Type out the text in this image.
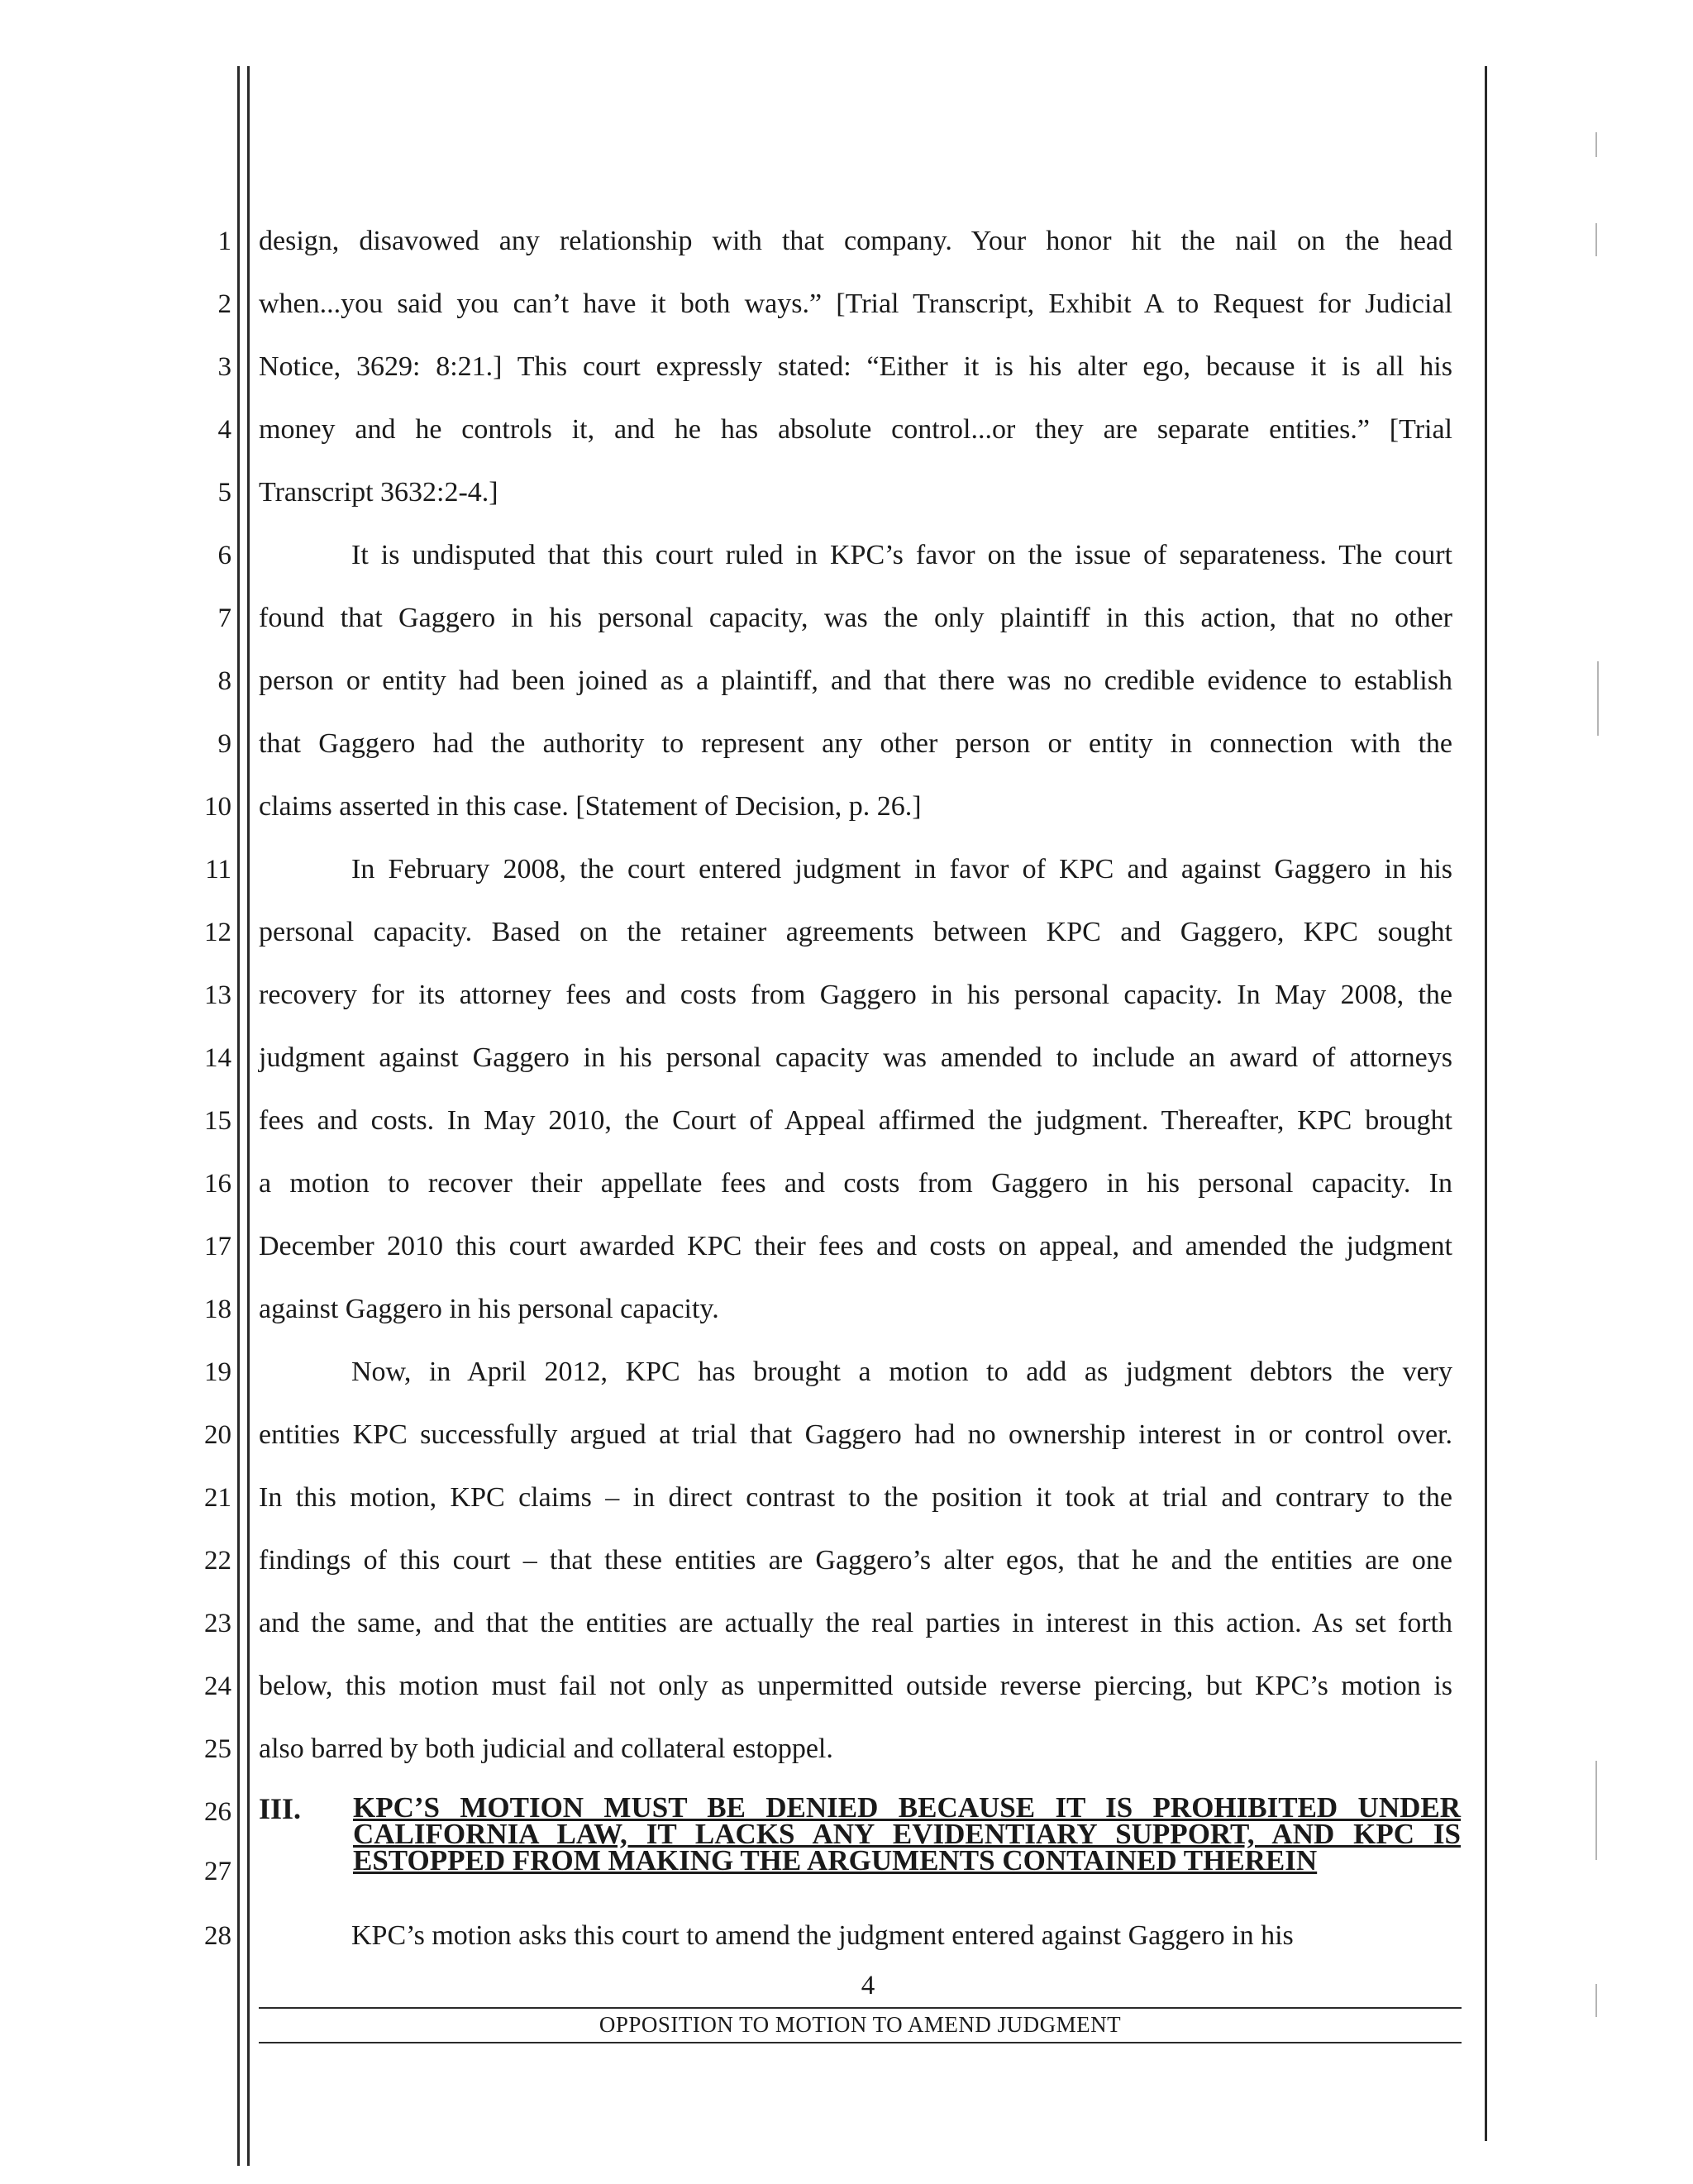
1
2
3
4
5
6
7
8
9
10
11
12
13
14
15
16
17
18
19
20
21
22
23
24
25
26
27
28
design, disavowed any relationship with that company. Your honor hit the nail on the head
when...you said you can’t have it both ways.” [Trial Transcript, Exhibit A to Request for Judicial
Notice, 3629: 8:21.] This court expressly stated: “Either it is his alter ego, because it is all his
money and he controls it, and he has absolute control...or they are separate entities.” [Trial
Transcript 3632:2-4.]
It is undisputed that this court ruled in KPC’s favor on the issue of separateness. The court
found that Gaggero in his personal capacity, was the only plaintiff in this action, that no other
person or entity had been joined as a plaintiff, and that there was no credible evidence to establish
that Gaggero had the authority to represent any other person or entity in connection with the
claims asserted in this case. [Statement of Decision, p. 26.]
In February 2008, the court entered judgment in favor of KPC and against Gaggero in his
personal capacity. Based on the retainer agreements between KPC and Gaggero, KPC sought
recovery for its attorney fees and costs from Gaggero in his personal capacity. In May 2008, the
judgment against Gaggero in his personal capacity was amended to include an award of attorneys
fees and costs. In May 2010, the Court of Appeal affirmed the judgment. Thereafter, KPC brought
a motion to recover their appellate fees and costs from Gaggero in his personal capacity. In
December 2010 this court awarded KPC their fees and costs on appeal, and amended the judgment
against Gaggero in his personal capacity.
Now, in April 2012, KPC has brought a motion to add as judgment debtors the very
entities KPC successfully argued at trial that Gaggero had no ownership interest in or control over.
In this motion, KPC claims – in direct contrast to the position it took at trial and contrary to the
findings of this court – that these entities are Gaggero’s alter egos, that he and the entities are one
and the same, and that the entities are actually the real parties in interest in this action. As set forth
below, this motion must fail not only as unpermitted outside reverse piercing, but KPC’s motion is
also barred by both judicial and collateral estoppel.
III. KPC’S MOTION MUST BE DENIED BECAUSE IT IS PROHIBITED UNDER
CALIFORNIA LAW, IT LACKS ANY EVIDENTIARY SUPPORT, AND KPC IS
ESTOPPED FROM MAKING THE ARGUMENTS CONTAINED THEREIN
KPC’s motion asks this court to amend the judgment entered against Gaggero in his
4
OPPOSITION TO MOTION TO AMEND JUDGMENT
